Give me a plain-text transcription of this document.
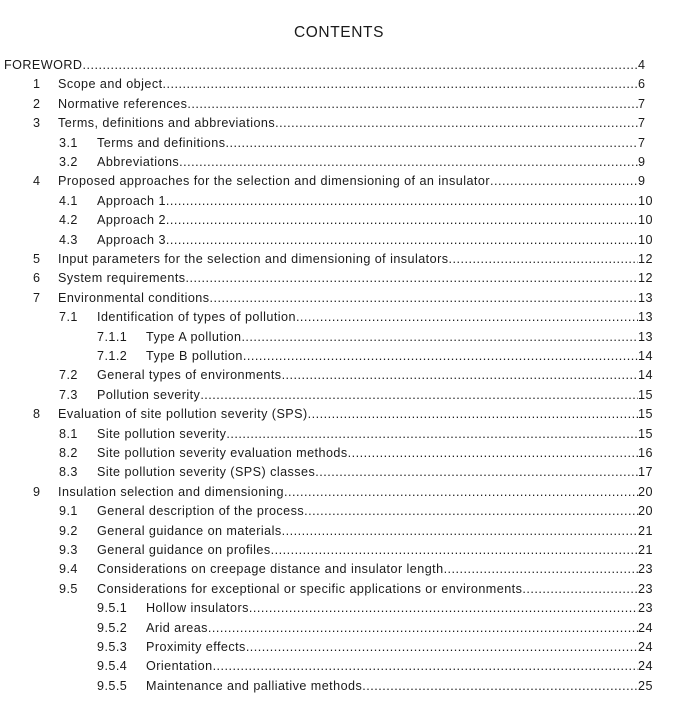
CONTENTS
FOREWORD .....	4
1 Scope and object .....	6
2 Normative references .....	7
3 Terms, definitions and abbreviations .....	7
3.1 Terms and definitions .....	7
3.2 Abbreviations .....	9
4 Proposed approaches for the selection and dimensioning of an insulator .....	9
4.1 Approach 1 .....	10
4.2 Approach 2 .....	10
4.3 Approach 3 .....	10
5 Input parameters for the selection and dimensioning of insulators .....	12
6 System requirements .....	12
7 Environmental conditions .....	13
7.1 Identification of types of pollution .....	13
7.1.1 Type A pollution .....	13
7.1.2 Type B pollution .....	14
7.2 General types of environments .....	14
7.3 Pollution severity .....	15
8 Evaluation of site pollution severity (SPS) .....	15
8.1 Site pollution severity .....	15
8.2 Site pollution severity evaluation methods .....	16
8.3 Site pollution severity (SPS) classes .....	17
9 Insulation selection and dimensioning .....	20
9.1 General description of the process .....	20
9.2 General guidance on materials .....	21
9.3 General guidance on profiles .....	21
9.4 Considerations on creepage distance and insulator length .....	23
9.5 Considerations for exceptional or specific applications or environments .....	23
9.5.1 Hollow insulators .....	23
9.5.2 Arid areas .....	24
9.5.3 Proximity effects .....	24
9.5.4 Orientation .....	24
9.5.5 Maintenance and palliative methods .....	25
